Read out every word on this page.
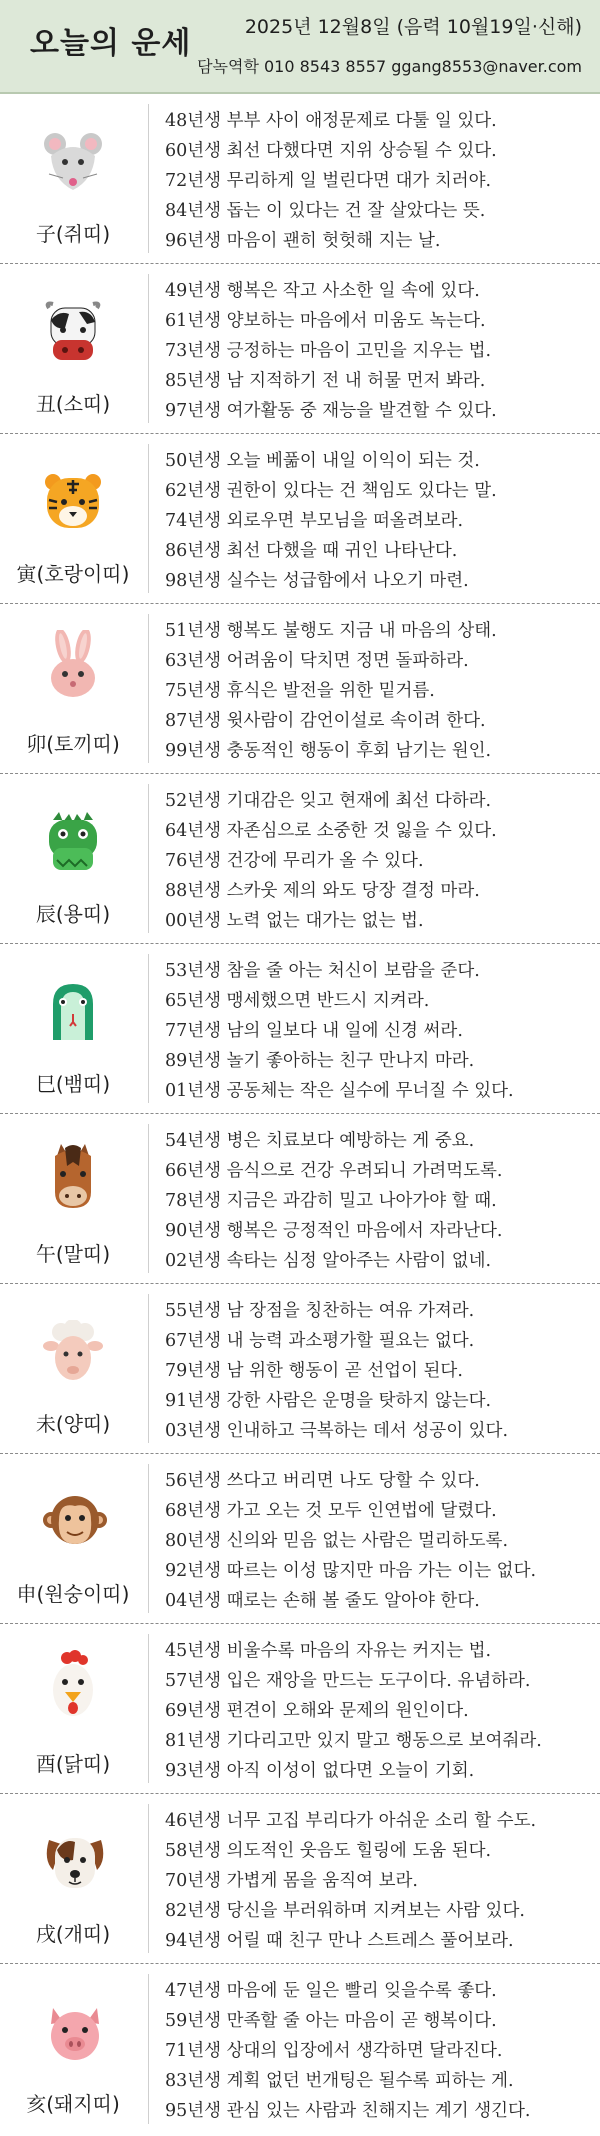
오늘의 운세	2025년 12월8일 (음력 10월19일·신해)
담녹역학 010 8543 8557 ggang8553@naver.com
子(쥐띠)
48년생 부부 사이 애정문제로 다툴 일 있다.
60년생 최선 다했다면 지위 상승될 수 있다.
72년생 무리하게 일 벌린다면 대가 치러야.
84년생 돕는 이 있다는 건 잘 살았다는 뜻.
96년생 마음이 괜히 헛헛해 지는 날.
丑(소띠)
49년생 행복은 작고 사소한 일 속에 있다.
61년생 양보하는 마음에서 미움도 녹는다.
73년생 긍정하는 마음이 고민을 지우는 법.
85년생 남 지적하기 전 내 허물 먼저 봐라.
97년생 여가활동 중 재능을 발견할 수 있다.
寅(호랑이띠)
50년생 오늘 베풂이 내일 이익이 되는 것.
62년생 권한이 있다는 건 책임도 있다는 말.
74년생 외로우면 부모님을 떠올려보라.
86년생 최선 다했을 때 귀인 나타난다.
98년생 실수는 성급함에서 나오기 마련.
卯(토끼띠)
51년생 행복도 불행도 지금 내 마음의 상태.
63년생 어려움이 닥치면 정면 돌파하라.
75년생 휴식은 발전을 위한 밑거름.
87년생 윗사람이 감언이설로 속이려 한다.
99년생 충동적인 행동이 후회 남기는 원인.
辰(용띠)
52년생 기대감은 잊고 현재에 최선 다하라.
64년생 자존심으로 소중한 것 잃을 수 있다.
76년생 건강에 무리가 올 수 있다.
88년생 스카웃 제의 와도 당장 결정 마라.
00년생 노력 없는 대가는 없는 법.
巳(뱀띠)
53년생 참을 줄 아는 처신이 보람을 준다.
65년생 맹세했으면 반드시 지켜라.
77년생 남의 일보다 내 일에 신경 써라.
89년생 놀기 좋아하는 친구 만나지 마라.
01년생 공동체는 작은 실수에 무너질 수 있다.
午(말띠)
54년생 병은 치료보다 예방하는 게 중요.
66년생 음식으로 건강 우려되니 가려먹도록.
78년생 지금은 과감히 밀고 나아가야 할 때.
90년생 행복은 긍정적인 마음에서 자라난다.
02년생 속타는 심정 알아주는 사람이 없네.
未(양띠)
55년생 남 장점을 칭찬하는 여유 가져라.
67년생 내 능력 과소평가할 필요는 없다.
79년생 남 위한 행동이 곧 선업이 된다.
91년생 강한 사람은 운명을 탓하지 않는다.
03년생 인내하고 극복하는 데서 성공이 있다.
申(원숭이띠)
56년생 쓰다고 버리면 나도 당할 수 있다.
68년생 가고 오는 것 모두 인연법에 달렸다.
80년생 신의와 믿음 없는 사람은 멀리하도록.
92년생 따르는 이성 많지만 마음 가는 이는 없다.
04년생 때로는 손해 볼 줄도 알아야 한다.
酉(닭띠)
45년생 비울수록 마음의 자유는 커지는 법.
57년생 입은 재앙을 만드는 도구이다. 유념하라.
69년생 편견이 오해와 문제의 원인이다.
81년생 기다리고만 있지 말고 행동으로 보여줘라.
93년생 아직 이성이 없다면 오늘이 기회.
戌(개띠)
46년생 너무 고집 부리다가 아쉬운 소리 할 수도.
58년생 의도적인 웃음도 힐링에 도움 된다.
70년생 가볍게 몸을 움직여 보라.
82년생 당신을 부러워하며 지켜보는 사람 있다.
94년생 어릴 때 친구 만나 스트레스 풀어보라.
亥(돼지띠)
47년생 마음에 둔 일은 빨리 잊을수록 좋다.
59년생 만족할 줄 아는 마음이 곧 행복이다.
71년생 상대의 입장에서 생각하면 달라진다.
83년생 계획 없던 번개팅은 될수록 피하는 게.
95년생 관심 있는 사람과 친해지는 계기 생긴다.
